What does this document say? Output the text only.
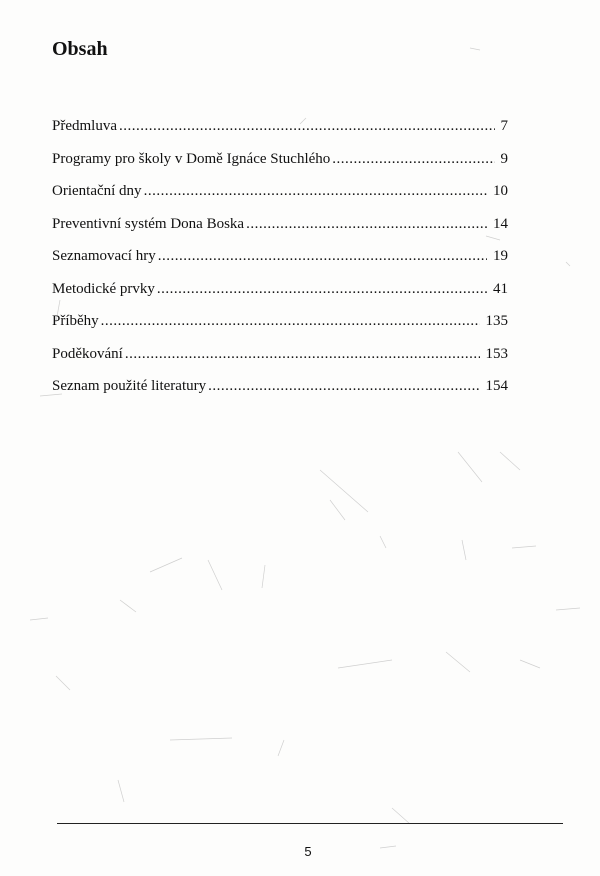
Obsah
Předmluva .....	7
Programy pro školy v Domě Ignáce Stuchlého .....	9
Orientační dny .....	10
Preventivní systém Dona Boska .....	14
Seznamovací hry .....	19
Metodické prvky .....	41
Příběhy .....	135
Poděkování .....	153
Seznam použité literatury .....	154
5
